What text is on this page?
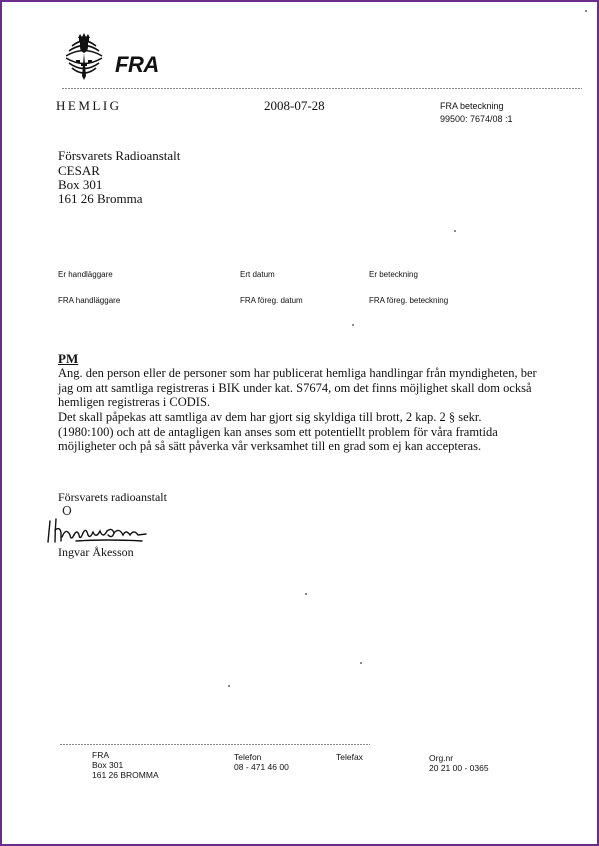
FRA
HEMLIG	2008-07-28	FRA beteckning
99500: 7674/08 :1
Försvarets Radioanstalt
CESAR
Box 301
161 26 Bromma
Er handläggare	Ert datum	Er beteckning
FRA handläggare	FRA föreg. datum	FRA föreg. beteckning
PM
Ang. den person eller de personer som har publicerat hemliga handlingar från myndigheten, ber jag om att samtliga registreras i BIK under kat. S7674, om det finns möjlighet skall dom också hemligen registreras i CODIS.
Det skall påpekas att samtliga av dem har gjort sig skyldiga till brott, 2 kap. 2 § sekr. (1980:100) och att de antagligen kan anses som ett potentiellt problem för våra framtida möjligheter och på så sätt påverka vår verksamhet till en grad som ej kan accepteras.
Försvarets radioanstalt
O
Ingvar Åkesson
FRA
Box 301
161 26 BROMMA
Telefon
08 - 471 46 00
Telefax	Org.nr
20 21 00 - 0365
